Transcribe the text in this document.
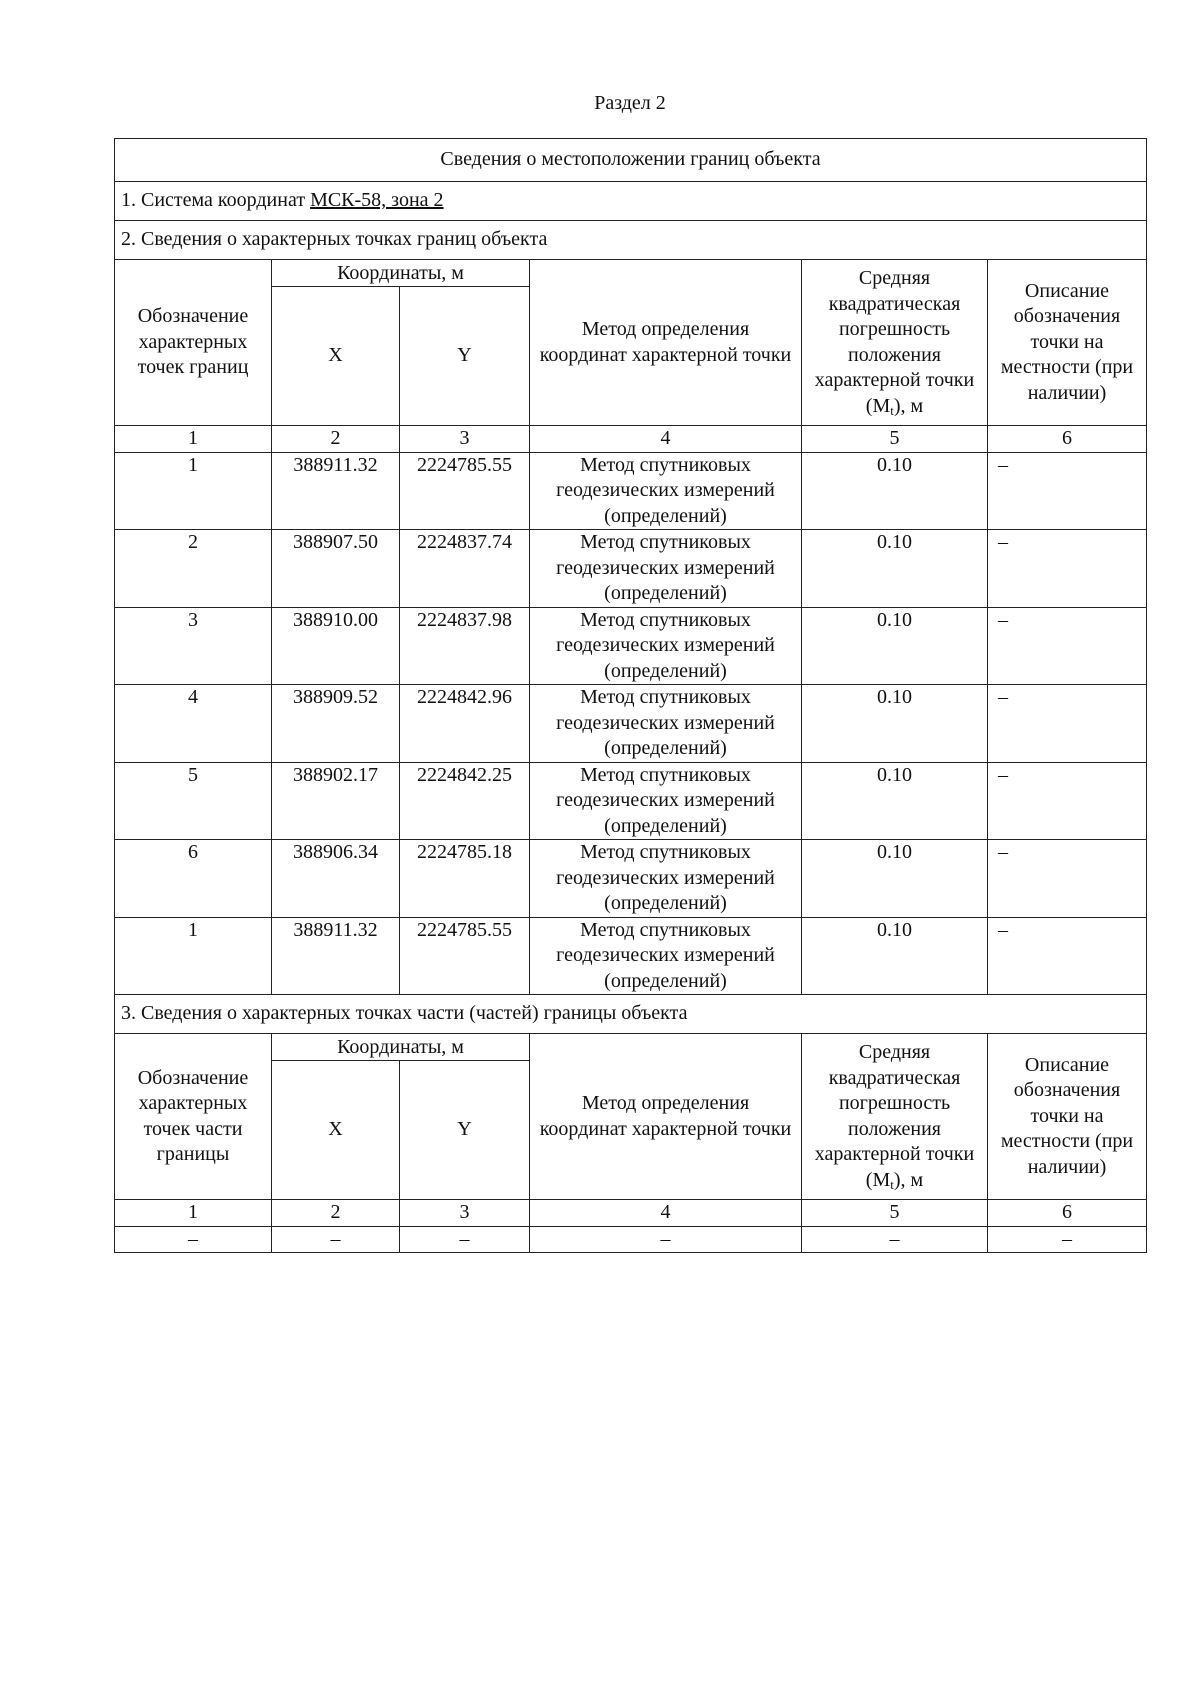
Раздел 2
Сведения о местоположении границ объекта					
1. Система координат МСК-58, зона 2					
2. Сведения о характерных точках границ объекта					
Обозначение характерных точек границ	Координаты, м		Метод определения координат характерной точки	Средняя квадратическая погрешность положения характерной точки $(M_t)$, м	Описание обозначения точки на местности (при наличии)
	X	Y			
1	2	3	4	5	6
1	388911.32	2224785.55	Метод спутниковых геодезических измерений (определений)	0.10	–
2	388907.50	2224837.74	Метод спутниковых геодезических измерений (определений)	0.10	–
3	388910.00	2224837.98	Метод спутниковых геодезических измерений (определений)	0.10	–
4	388909.52	2224842.96	Метод спутниковых геодезических измерений (определений)	0.10	–
5	388902.17	2224842.25	Метод спутниковых геодезических измерений (определений)	0.10	–
6	388906.34	2224785.18	Метод спутниковых геодезических измерений (определений)	0.10	–
1	388911.32	2224785.55	Метод спутниковых геодезических измерений (определений)	0.10	–
3. Сведения о характерных точках части (частей) границы объекта					
Обозначение характерных точек части границы	Координаты, м		Метод определения координат характерной точки	Средняя квадратическая погрешность положения характерной точки $(M_t)$, м	Описание обозначения точки на местности (при наличии)
	X	Y			
1	2	3	4	5	6
–	–	–	–	–	–
